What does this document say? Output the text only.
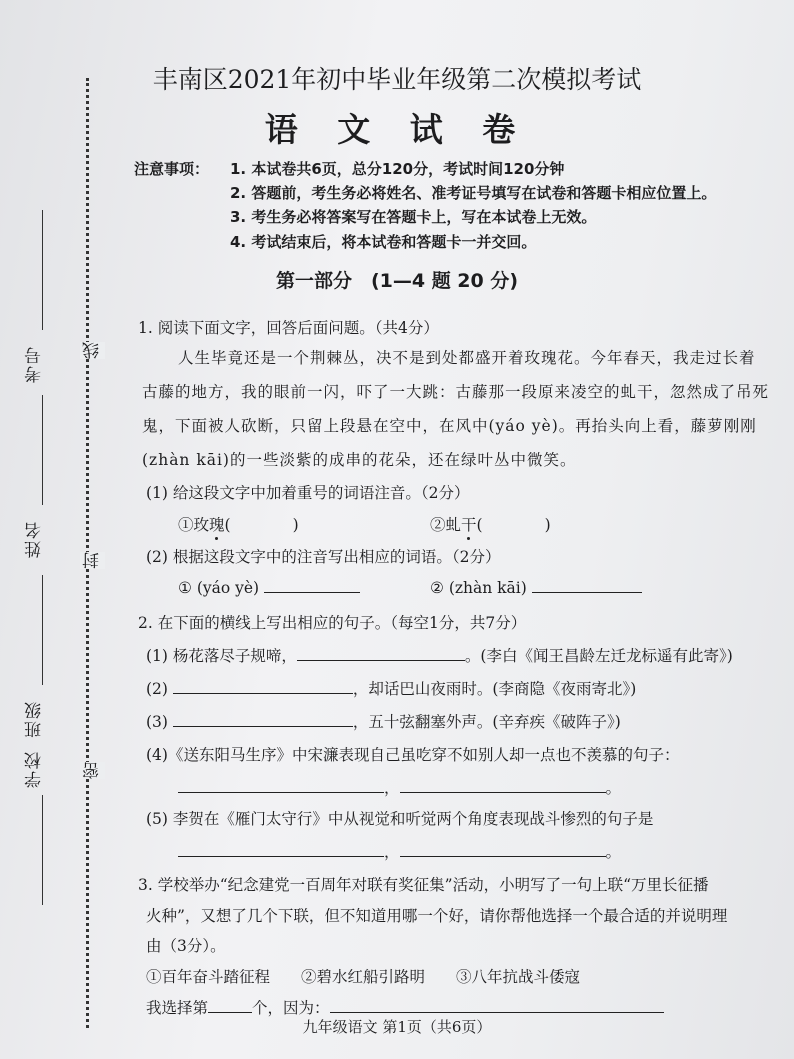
考号
姓名
班级
学校
线
封
密
丰南区2021年初中毕业年级第二次模拟考试
语 文 试 卷
注意事项： 1. 本试卷共6页，总分120分，考试时间120分钟
2. 答题前，考生务必将姓名、准考证号填写在试卷和答题卡相应位置上。
3. 考生务必将答案写在答题卡上，写在本试卷上无效。
4. 考试结束后，将本试卷和答题卡一并交回。
第一部分　(1—4 题 20 分)
1. 阅读下面文字，回答后面问题。（共4分）
人生毕竟还是一个荆棘丛，决不是到处都盛开着玫瑰花。今年春天，我走过长着
古藤的地方，我的眼前一闪，吓了一大跳：古藤那一段原来凌空的虬干，忽然成了吊死
鬼，下面被人砍断，只留上段悬在空中，在风中(yáo yè)。再抬头向上看，藤萝刚刚
(zhàn kāi)的一些淡紫的成串的花朵，还在绿叶丛中微笑。
(1) 给这段文字中加着重号的词语注音。（2分）
①玫瑰(　　　　)	②虬干(　　　　)
(2) 根据这段文字中的注音写出相应的词语。（2分）
① (yáo yè)	② (zhàn kāi)
2. 在下面的横线上写出相应的句子。（每空1分，共7分）
(1) 杨花落尽子规啼，	。(李白《闻王昌龄左迁龙标遥有此寄》)
(2)	，却话巴山夜雨时。(李商隐《夜雨寄北》)
(3)	，五十弦翻塞外声。(辛弃疾《破阵子》)
(4)《送东阳马生序》中宋濂表现自己虽吃穿不如别人却一点也不羡慕的句子：
，	。
(5) 李贺在《雁门太守行》中从视觉和听觉两个角度表现战斗惨烈的句子是
，	。
3. 学校举办“纪念建党一百周年对联有奖征集”活动，小明写了一句上联“万里长征播
火种”，又想了几个下联，但不知道用哪一个好，请你帮他选择一个最合适的并说明理
由（3分）。
①百年奋斗踏征程　　②碧水红船引路明　　③八年抗战斗倭寇
我选择第	个，因为：
九年级语文 第1页（共6页）
